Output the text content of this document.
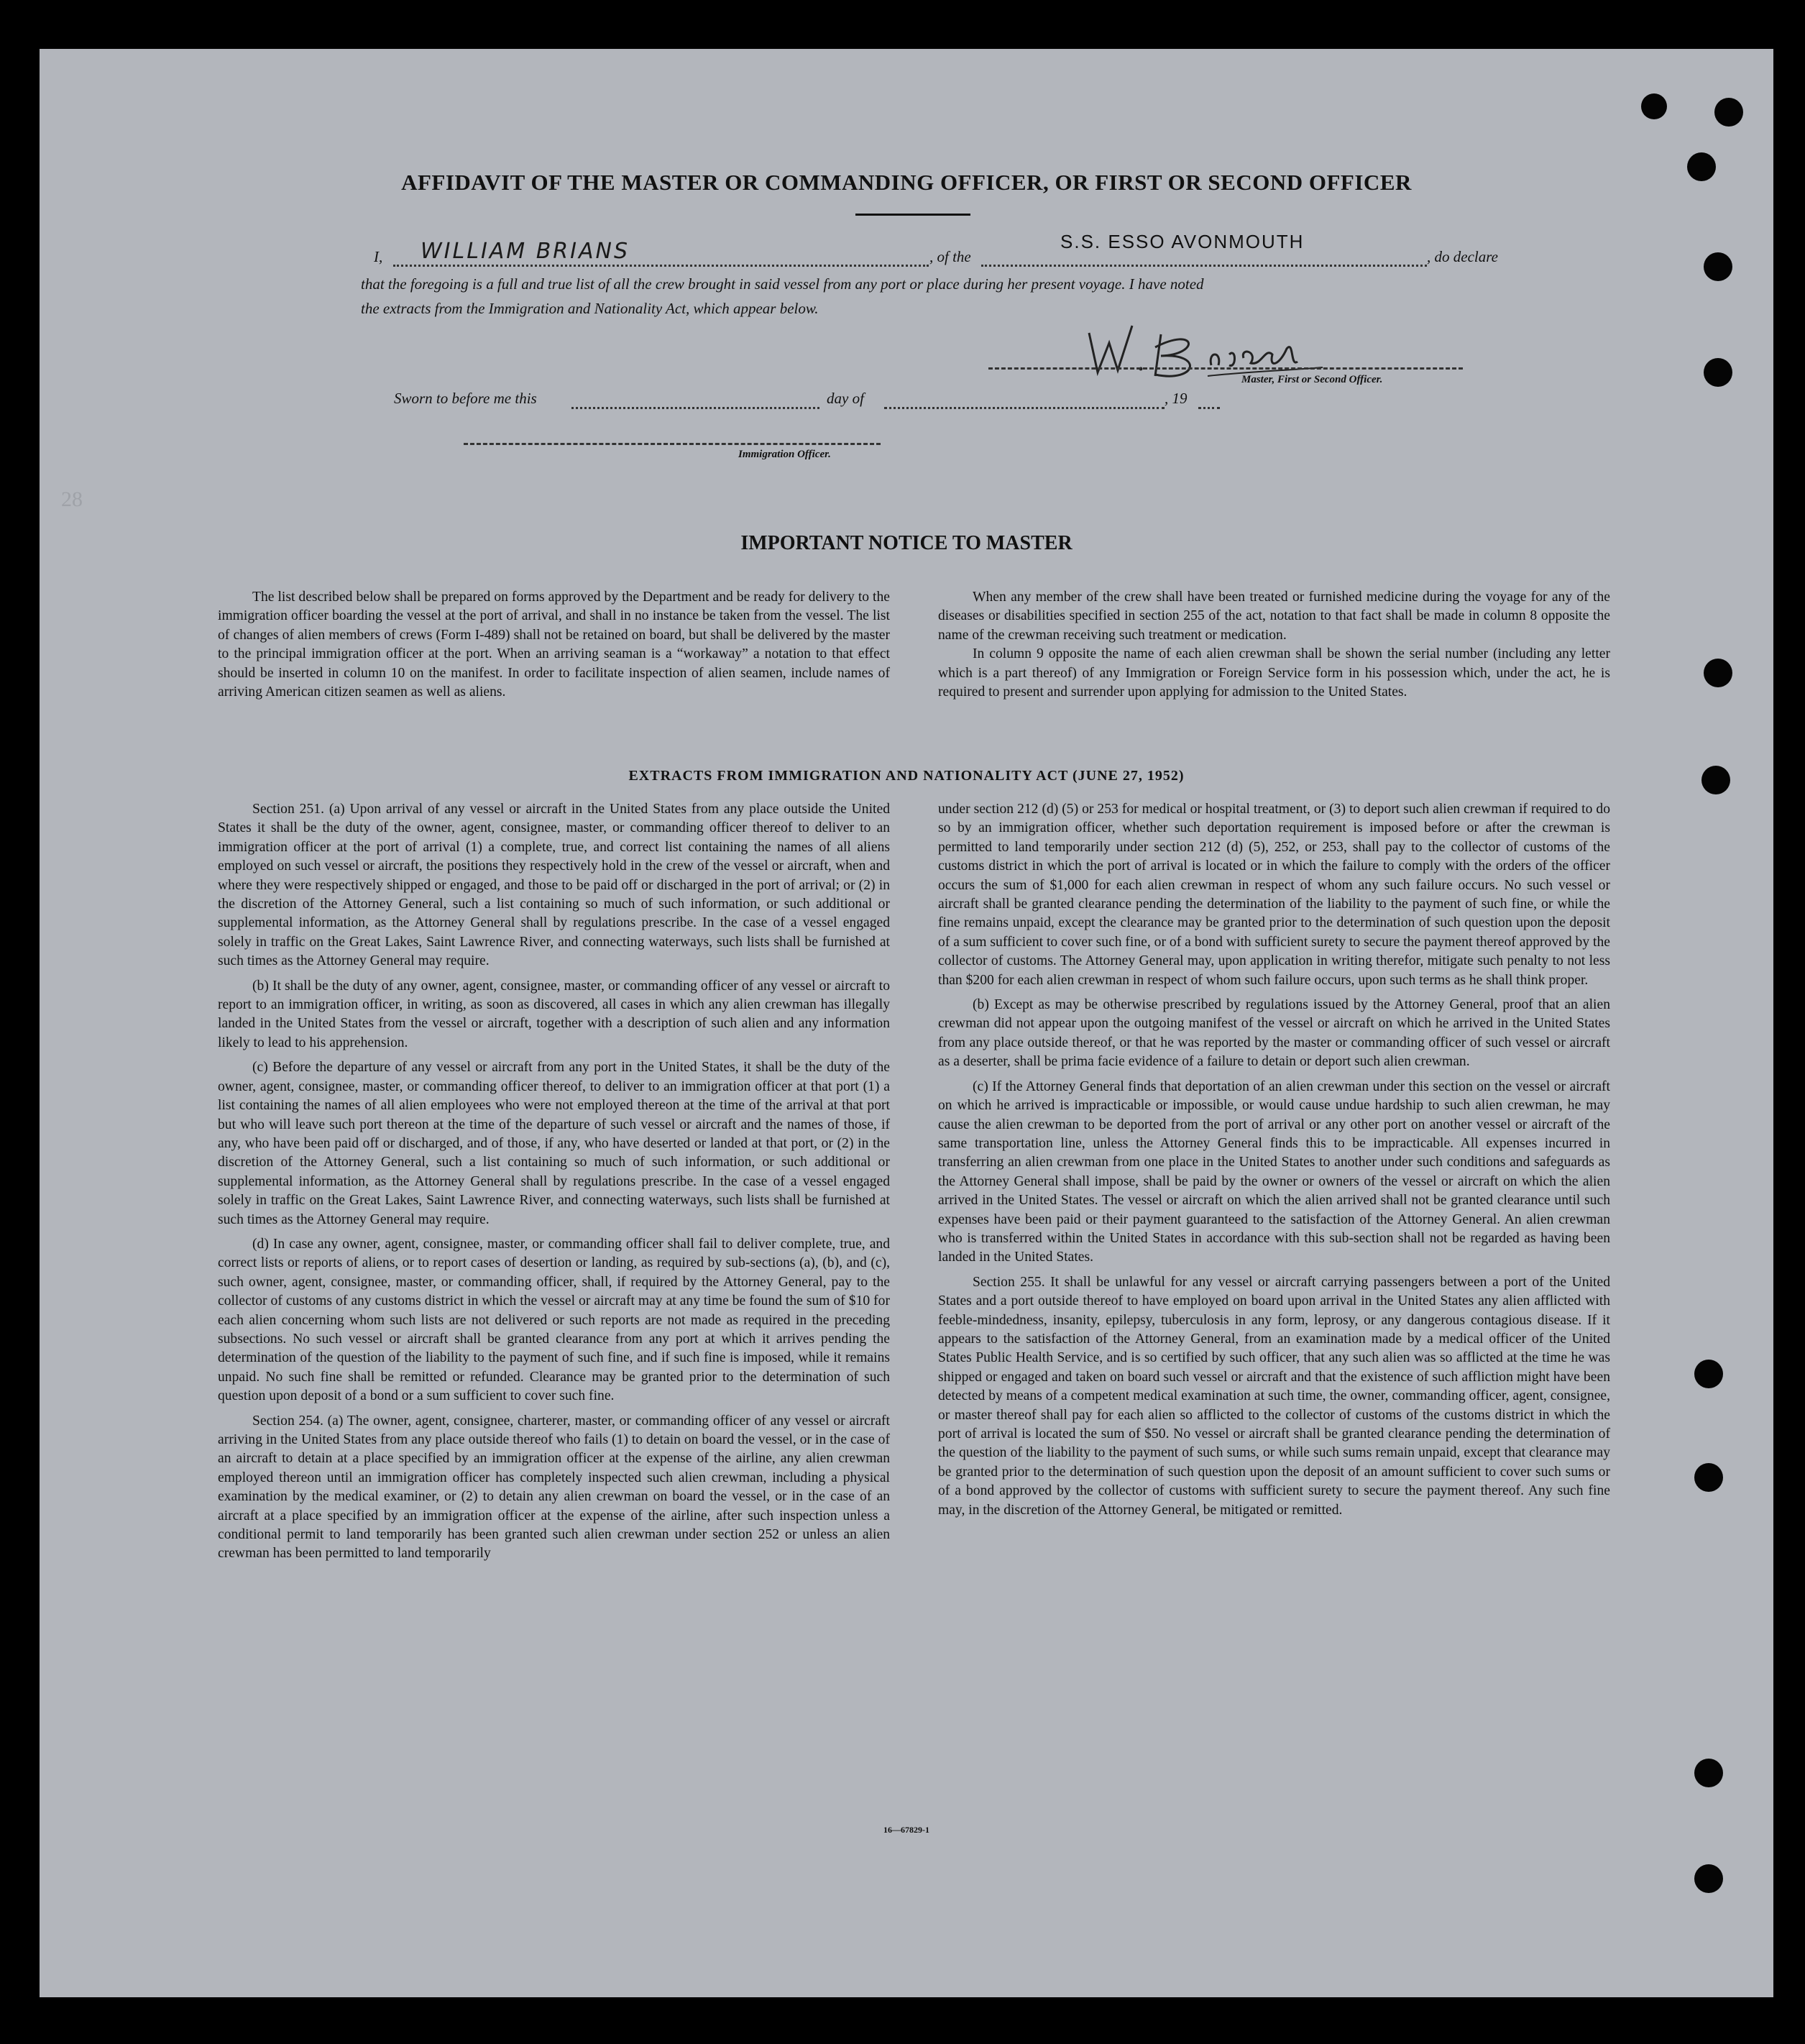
28
AFFIDAVIT OF THE MASTER OR COMMANDING OFFICER, OR FIRST OR SECOND OFFICER
I, WILLIAM BRIANS	, of the
S.S. ESSO AVONMOUTH
, do declare
that the foregoing is a full and true list of all the crew brought in said vessel from any port or place during her present voyage. I have noted
the extracts from the Immigration and Nationality Act, which appear below.
Master, First or Second Officer.
Sworn to before me this	day of	, 19
Immigration Officer.
IMPORTANT NOTICE TO MASTER

The list described below shall be prepared on forms approved by the Department and be ready for delivery to the immigration officer boarding the vessel at the port of arrival, and shall in no instance be taken from the vessel. The list of changes of alien members of crews (Form I-489) shall not be retained on board, but shall be delivered by the master to the principal immigration officer at the port. When an arriving seaman is a “workaway” a notation to that effect should be inserted in column 10 on the manifest. In order to facilitate inspection of alien seamen, include names of arriving American citizen seamen as well as aliens.

When any member of the crew shall have been treated or furnished medicine during the voyage for any of the diseases or disabilities specified in section 255 of the act, notation to that fact shall be made in column 8 opposite the name of the crewman receiving such treatment or medication.

In column 9 opposite the name of each alien crewman shall be shown the serial number (including any letter which is a part thereof) of any Immigration or Foreign Service form in his possession which, under the act, he is required to present and surrender upon applying for admission to the United States.

EXTRACTS FROM IMMIGRATION AND NATIONALITY ACT (JUNE 27, 1952)

Section 251. (a) Upon arrival of any vessel or aircraft in the United States from any place outside the United States it shall be the duty of the owner, agent, consignee, master, or commanding officer thereof to deliver to an immigration officer at the port of arrival (1) a complete, true, and correct list containing the names of all aliens employed on such vessel or aircraft, the positions they respectively hold in the crew of the vessel or aircraft, when and where they were respectively shipped or engaged, and those to be paid off or discharged in the port of arrival; or (2) in the discretion of the Attorney General, such a list containing so much of such information, or such additional or supplemental information, as the Attorney General shall by regulations prescribe. In the case of a vessel engaged solely in traffic on the Great Lakes, Saint Lawrence River, and connecting waterways, such lists shall be furnished at such times as the Attorney General may require.

(b) It shall be the duty of any owner, agent, consignee, master, or commanding officer of any vessel or aircraft to report to an immigration officer, in writing, as soon as discovered, all cases in which any alien crewman has illegally landed in the United States from the vessel or aircraft, together with a description of such alien and any information likely to lead to his apprehension.

(c) Before the departure of any vessel or aircraft from any port in the United States, it shall be the duty of the owner, agent, consignee, master, or commanding officer thereof, to deliver to an immigration officer at that port (1) a list containing the names of all alien employees who were not employed thereon at the time of the arrival at that port but who will leave such port thereon at the time of the departure of such vessel or aircraft and the names of those, if any, who have been paid off or discharged, and of those, if any, who have deserted or landed at that port, or (2) in the discretion of the Attorney General, such a list containing so much of such information, or such additional or supplemental information, as the Attorney General shall by regulations prescribe. In the case of a vessel engaged solely in traffic on the Great Lakes, Saint Lawrence River, and connecting waterways, such lists shall be furnished at such times as the Attorney General may require.

(d) In case any owner, agent, consignee, master, or commanding officer shall fail to deliver complete, true, and correct lists or reports of aliens, or to report cases of desertion or landing, as required by sub-sections (a), (b), and (c), such owner, agent, consignee, master, or commanding officer, shall, if required by the Attorney General, pay to the collector of customs of any customs district in which the vessel or aircraft may at any time be found the sum of $10 for each alien concerning whom such lists are not delivered or such reports are not made as required in the preceding subsections. No such vessel or aircraft shall be granted clearance from any port at which it arrives pending the determination of the question of the liability to the payment of such fine, and if such fine is imposed, while it remains unpaid. No such fine shall be remitted or refunded. Clearance may be granted prior to the determination of such question upon deposit of a bond or a sum sufficient to cover such fine.

Section 254. (a) The owner, agent, consignee, charterer, master, or commanding officer of any vessel or aircraft arriving in the United States from any place outside thereof who fails (1) to detain on board the vessel, or in the case of an aircraft to detain at a place specified by an immigration officer at the expense of the airline, any alien crewman employed thereon until an immigration officer has completely inspected such alien crewman, including a physical examination by the medical examiner, or (2) to detain any alien crewman on board the vessel, or in the case of an aircraft at a place specified by an immigration officer at the expense of the airline, after such inspection unless a conditional permit to land temporarily has been granted such alien crewman under section 252 or unless an alien crewman has been permitted to land temporarily

under section 212 (d) (5) or 253 for medical or hospital treatment, or (3) to deport such alien crewman if required to do so by an immigration officer, whether such deportation requirement is imposed before or after the crewman is permitted to land temporarily under section 212 (d) (5), 252, or 253, shall pay to the collector of customs of the customs district in which the port of arrival is located or in which the failure to comply with the orders of the officer occurs the sum of $1,000 for each alien crewman in respect of whom any such failure occurs. No such vessel or aircraft shall be granted clearance pending the determination of the liability to the payment of such fine, or while the fine remains unpaid, except the clearance may be granted prior to the determination of such question upon the deposit of a sum sufficient to cover such fine, or of a bond with sufficient surety to secure the payment thereof approved by the collector of customs. The Attorney General may, upon application in writing therefor, mitigate such penalty to not less than $200 for each alien crewman in respect of whom such failure occurs, upon such terms as he shall think proper.

(b) Except as may be otherwise prescribed by regulations issued by the Attorney General, proof that an alien crewman did not appear upon the outgoing manifest of the vessel or aircraft on which he arrived in the United States from any place outside thereof, or that he was reported by the master or commanding officer of such vessel or aircraft as a deserter, shall be prima facie evidence of a failure to detain or deport such alien crewman.

(c) If the Attorney General finds that deportation of an alien crewman under this section on the vessel or aircraft on which he arrived is impracticable or impossible, or would cause undue hardship to such alien crewman, he may cause the alien crewman to be deported from the port of arrival or any other port on another vessel or aircraft of the same transportation line, unless the Attorney General finds this to be impracticable. All expenses incurred in transferring an alien crewman from one place in the United States to another under such conditions and safeguards as the Attorney General shall impose, shall be paid by the owner or owners of the vessel or aircraft on which the alien arrived in the United States. The vessel or aircraft on which the alien arrived shall not be granted clearance until such expenses have been paid or their payment guaranteed to the satisfaction of the Attorney General. An alien crewman who is transferred within the United States in accordance with this sub-section shall not be regarded as having been landed in the United States.

Section 255. It shall be unlawful for any vessel or aircraft carrying passengers between a port of the United States and a port outside thereof to have employed on board upon arrival in the United States any alien afflicted with feeble-mindedness, insanity, epilepsy, tuberculosis in any form, leprosy, or any dangerous contagious disease. If it appears to the satisfaction of the Attorney General, from an examination made by a medical officer of the United States Public Health Service, and is so certified by such officer, that any such alien was so afflicted at the time he was shipped or engaged and taken on board such vessel or aircraft and that the existence of such affliction might have been detected by means of a competent medical examination at such time, the owner, commanding officer, agent, consignee, or master thereof shall pay for each alien so afflicted to the collector of customs of the customs district in which the port of arrival is located the sum of $50. No vessel or aircraft shall be granted clearance pending the determination of the question of the liability to the payment of such sums, or while such sums remain unpaid, except that clearance may be granted prior to the determination of such question upon the deposit of an amount sufficient to cover such sums or of a bond approved by the collector of customs with sufficient surety to secure the payment thereof. Any such fine may, in the discretion of the Attorney General, be mitigated or remitted.

16—67829-1
